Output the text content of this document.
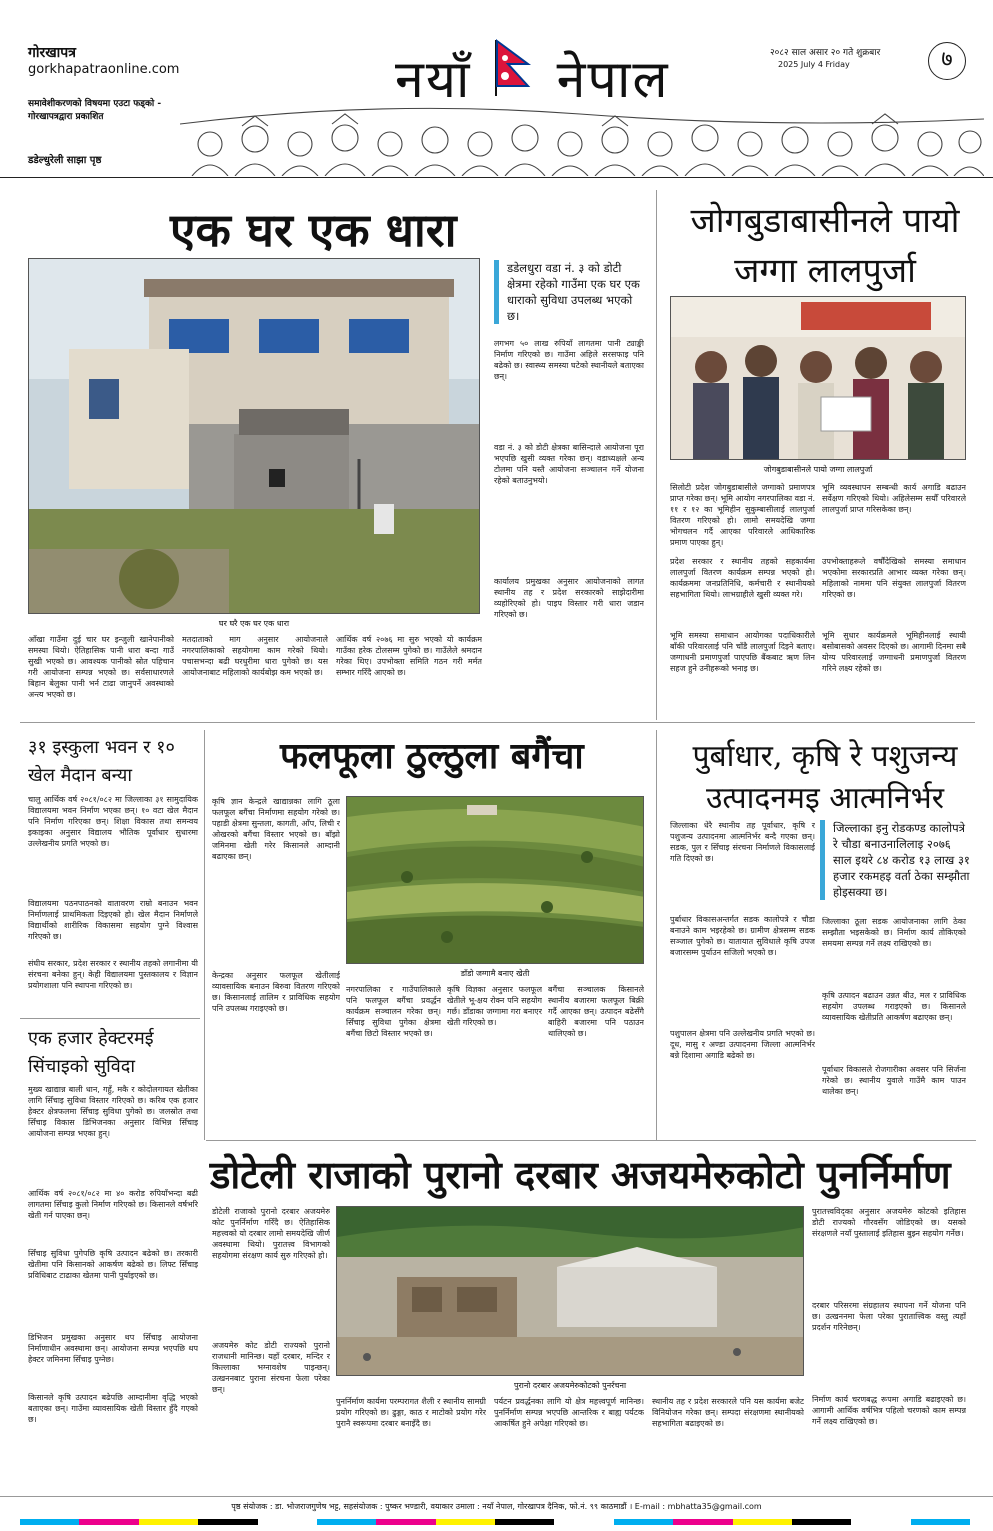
गोरखापत्र
gorkhapatraonline.com
समावेशीकरणको विषयमा एउटा फड्को - गोरखापत्रद्वारा प्रकाशित
डडेल्धुरेली साझा पृष्ठ
नयाँ नेपाल	२०८२ साल असार २० गते शुक्रबार
2025 July 4 Friday	७
एक घर एक धारा
घर घरै एक घर एक धारा
डडेलधुरा वडा नं. ३ को डोटी क्षेत्रमा रहेको गाउँमा एक घर एक धाराको सुविधा उपलब्ध भएको छ।
आँखा गाउँमा दुई चार घर इन्जुली खानेपानीको समस्या थियो। ऐतिहासिक पानी धारा बन्दा गाउँ सुखी भएको छ। आवश्यक पानीको स्रोत पहिचान गरी आयोजना सम्पन्न भएको छ। सर्वसाधारणले बिहान बेलुका पानी भर्न टाढा जानुपर्ने अवस्थाको अन्त्य भएको छ।
मतदाताको माग अनुसार आयोजनाले नगरपालिकाको सहयोगमा काम गरेको थियो। पचासभन्दा बढी घरधुरीमा धारा पुगेको छ। यस आयोजनाबाट महिलाको कार्यबोझ कम भएको छ।
आर्थिक वर्ष २०७६ मा सुरु भएको यो कार्यक्रम गाउँका हरेक टोलसम्म पुगेको छ। गाउँलेले श्रमदान गरेका थिए। उपभोक्ता समिति गठन गरी मर्मत सम्भार गरिँदै आएको छ।
लगभग ५० लाख रुपियाँ लागतमा पानी ट्याङ्की निर्माण गरिएको छ। गाउँमा अहिले सरसफाइ पनि बढेको छ। स्वास्थ्य समस्या घटेको स्थानीयले बताएका छन्।
वडा नं. ३ को डोटी क्षेत्रका बासिन्दाले आयोजना पूरा भएपछि खुसी व्यक्त गरेका छन्। वडाध्यक्षले अन्य टोलमा पनि यस्तै आयोजना सञ्चालन गर्ने योजना रहेको बताउनुभयो।
कार्यालय प्रमुखका अनुसार आयोजनाको लागत स्थानीय तह र प्रदेश सरकारको साझेदारीमा व्यहोरिएको हो। पाइप विस्तार गरी धारा जडान गरिएको छ।
जोगबुडाबासीनले पायो जग्गा लालपुर्जा
जोगबुडाबासीनले पायो जग्गा लालपुर्जा
सिलोटी प्रदेश जोगबुडाबासीले जग्गाको प्रमाणपत्र प्राप्त गरेका छन्। भूमि आयोग नगरपालिका वडा नं. ११ र १२ का भूमिहीन सुकुम्बासीलाई लालपुर्जा वितरण गरिएको हो। लामो समयदेखि जग्गा भोगचलन गर्दै आएका परिवारले आधिकारिक प्रमाण पाएका हुन्।
प्रदेश सरकार र स्थानीय तहको सहकार्यमा लालपुर्जा वितरण कार्यक्रम सम्पन्न भएको हो। कार्यक्रममा जनप्रतिनिधि, कर्मचारी र स्थानीयको सहभागिता थियो। लाभग्राहीले खुसी व्यक्त गरे।
भूमि समस्या समाधान आयोगका पदाधिकारीले बाँकी परिवारलाई पनि चाँडै लालपुर्जा दिइने बताए। जग्गाधनी प्रमाणपुर्जा पाएपछि बैंकबाट ऋण लिन सहज हुने उनीहरूको भनाइ छ।
भूमि व्यवस्थापन सम्बन्धी कार्य अगाडि बढाउन सर्वेक्षण गरिएको थियो। अहिलेसम्म सयौँ परिवारले लालपुर्जा प्राप्त गरिसकेका छन्।
उपभोक्ताहरूले वर्षौंदेखिको समस्या समाधान भएकोमा सरकारप्रति आभार व्यक्त गरेका छन्। महिलाको नाममा पनि संयुक्त लालपुर्जा वितरण गरिएको छ।
भूमि सुधार कार्यक्रमले भूमिहीनलाई स्थायी बसोबासको अवसर दिएको छ। आगामी दिनमा सबै योग्य परिवारलाई जग्गाधनी प्रमाणपुर्जा वितरण गरिने लक्ष्य रहेको छ।
३१ इस्कुला भवन र १० खेल मैदान बन्या
चालु आर्थिक वर्ष २०८१/०८२ मा जिल्लाका ३१ सामुदायिक विद्यालयमा भवन निर्माण भएका छन्। १० वटा खेल मैदान पनि निर्माण गरिएका छन्। शिक्षा विकास तथा समन्वय इकाइका अनुसार विद्यालय भौतिक पूर्वाधार सुधारमा उल्लेखनीय प्रगति भएको छ।
विद्यालयमा पठनपाठनको वातावरण राम्रो बनाउन भवन निर्माणलाई प्राथमिकता दिइएको हो। खेल मैदान निर्माणले विद्यार्थीको शारीरिक विकासमा सहयोग पुग्ने विश्वास गरिएको छ।
संघीय सरकार, प्रदेश सरकार र स्थानीय तहको लगानीमा यी संरचना बनेका हुन्। केही विद्यालयमा पुस्तकालय र विज्ञान प्रयोगशाला पनि स्थापना गरिएको छ।
एक हजार हेक्टरमई सिंचाइको सुविदा
मुख्य खाद्यान्न बाली धान, गहुँ, मकै र कोदोलगायत खेतीका लागि सिँचाइ सुविधा विस्तार गरिएको छ। करिब एक हजार हेक्टर क्षेत्रफलमा सिँचाइ सुविधा पुगेको छ। जलस्रोत तथा सिँचाइ विकास डिभिजनका अनुसार विभिन्न सिँचाइ आयोजना सम्पन्न भएका हुन्।
आर्थिक वर्ष २०८१/०८२ मा ४० करोड रुपियाँभन्दा बढी लागतमा सिँचाइ कुलो निर्माण गरिएको छ। किसानले वर्षभरि खेती गर्न पाएका छन्।
सिँचाइ सुविधा पुगेपछि कृषि उत्पादन बढेको छ। तरकारी खेतीमा पनि किसानको आकर्षण बढेको छ। लिफ्ट सिँचाइ प्रविधिबाट टाढाका खेतमा पानी पुर्याइएको छ।
डिभिजन प्रमुखका अनुसार थप सिँचाइ आयोजना निर्माणाधीन अवस्थामा छन्। आयोजना सम्पन्न भएपछि थप हेक्टर जमिनमा सिँचाइ पुग्नेछ।
किसानले कृषि उत्पादन बढेपछि आम्दानीमा वृद्धि भएको बताएका छन्। गाउँमा व्यावसायिक खेती विस्तार हुँदै गएको छ।
फलफूला ठुल्ठुला बगैंचा
डाँडो जग्गामै बनाए खेती
कृषि ज्ञान केन्द्रले खाद्यान्नका लागि ठूला फलफूल बगैंचा निर्माणमा सहयोग गरेको छ। पहाडी क्षेत्रमा सुन्तला, कागती, आँप, लिची र ओखरको बगैंचा विस्तार भएको छ। बाँझो जमिनमा खेती गरेर किसानले आम्दानी बढाएका छन्।
केन्द्रका अनुसार फलफूल खेतीलाई व्यावसायिक बनाउन बिरुवा वितरण गरिएको छ। किसानलाई तालिम र प्राविधिक सहयोग पनि उपलब्ध गराइएको छ।
नगरपालिका र गाउँपालिकाले पनि फलफूल बगैंचा प्रवर्द्धन कार्यक्रम सञ्चालन गरेका छन्। सिँचाइ सुविधा पुगेका क्षेत्रमा बगैंचा छिटो विस्तार भएको छ।
कृषि विज्ञका अनुसार फलफूल खेतीले भू-क्षय रोक्न पनि सहयोग गर्छ। डाँडाका जग्गामा गरा बनाएर खेती गरिएको छ।
बगैंचा सञ्चालक किसानले स्थानीय बजारमा फलफूल बिक्री गर्दै आएका छन्। उत्पादन बढेसँगै बाहिरी बजारमा पनि पठाउन थालिएको छ।
पुर्बाधार, कृषि रे पशुजन्य उत्पादनमइ आत्मनिर्भर
जिल्लाका इनु रोडकण्ड कालोपत्रे रे चौडा बनाउनालिलाइ २०७६ साल इथरे ८४ करोड १३ लाख ३१ हजार रकमहइ वर्ता ठेका सम्झौता होइसक्या छ।
जिल्लाका धेरै स्थानीय तह पूर्वाधार, कृषि र पशुजन्य उत्पादनमा आत्मनिर्भर बन्दै गएका छन्। सडक, पुल र सिँचाइ संरचना निर्माणले विकासलाई गति दिएको छ।
पुर्बाधार विकासअन्तर्गत सडक कालोपत्रे र चौडा बनाउने काम भइरहेको छ। ग्रामीण क्षेत्रसम्म सडक सञ्जाल पुगेको छ। यातायात सुविधाले कृषि उपज बजारसम्म पुर्याउन सजिलो भएको छ।
पशुपालन क्षेत्रमा पनि उल्लेखनीय प्रगति भएको छ। दूध, मासु र अण्डा उत्पादनमा जिल्ला आत्मनिर्भर बन्ने दिशामा अगाडि बढेको छ।
जिल्लाका ठूला सडक आयोजनाका लागि ठेका सम्झौता भइसकेको छ। निर्माण कार्य तोकिएको समयमा सम्पन्न गर्ने लक्ष्य राखिएको छ।
कृषि उत्पादन बढाउन उन्नत बीउ, मल र प्राविधिक सहयोग उपलब्ध गराइएको छ। किसानले व्यावसायिक खेतीप्रति आकर्षण बढाएका छन्।
पूर्वाधार विकासले रोजगारीका अवसर पनि सिर्जना गरेको छ। स्थानीय युवाले गाउँमै काम पाउन थालेका छन्।
डोटेली राजाको पुरानो दरबार अजयमेरुकोटो पुनर्निर्माण
पुरानो दरबार अजयमेरुकोटको पुनर्रचना
डोटेली राजाको पुरानो दरबार अजयमेरु कोट पुनर्निर्माण गरिँदै छ। ऐतिहासिक महत्त्वको यो दरबार लामो समयदेखि जीर्ण अवस्थामा थियो। पुरातत्त्व विभागको सहयोगमा संरक्षण कार्य सुरु गरिएको हो।
अजयमेरु कोट डोटी राज्यको पुरानो राजधानी मानिन्छ। यहाँ दरबार, मन्दिर र किल्लाका भग्नावशेष पाइन्छन्। उत्खननबाट पुराना संरचना फेला परेका छन्।
पुनर्निर्माण कार्यमा परम्परागत शैली र स्थानीय सामग्री प्रयोग गरिएको छ। ढुङ्गा, काठ र माटोको प्रयोग गरेर पुरानै स्वरूपमा दरबार बनाइँदै छ।
पर्यटन प्रवर्द्धनका लागि यो क्षेत्र महत्त्वपूर्ण मानिन्छ। पुनर्निर्माण सम्पन्न भएपछि आन्तरिक र बाह्य पर्यटक आकर्षित हुने अपेक्षा गरिएको छ।
स्थानीय तह र प्रदेश सरकारले पनि यस कार्यमा बजेट विनियोजन गरेका छन्। सम्पदा संरक्षणमा स्थानीयको सहभागिता बढाइएको छ।
पुरातत्त्वविद्का अनुसार अजयमेरु कोटको इतिहास डोटी राज्यको गौरवसँग जोडिएको छ। यसको संरक्षणले नयाँ पुस्तालाई इतिहास बुझ्न सहयोग गर्नेछ।
दरबार परिसरमा संग्रहालय स्थापना गर्ने योजना पनि छ। उत्खननमा फेला परेका पुरातात्त्विक वस्तु त्यहाँ प्रदर्शन गरिनेछन्।
निर्माण कार्य चरणबद्ध रूपमा अगाडि बढाइएको छ। आगामी आर्थिक वर्षभित्र पहिलो चरणको काम सम्पन्न गर्ने लक्ष्य राखिएको छ।
पृष्ठ संयोजक : डा. भोजराजगुणेष भट्ट, सहसंयोजक : पुष्कर भण्डारी, वयाकार उमाला : नयाँ नेपाल, गोरखापत्र दैनिक, फो.नं. ९९ काठमाडौं । E-mail : mbhatta35@gmail.com
